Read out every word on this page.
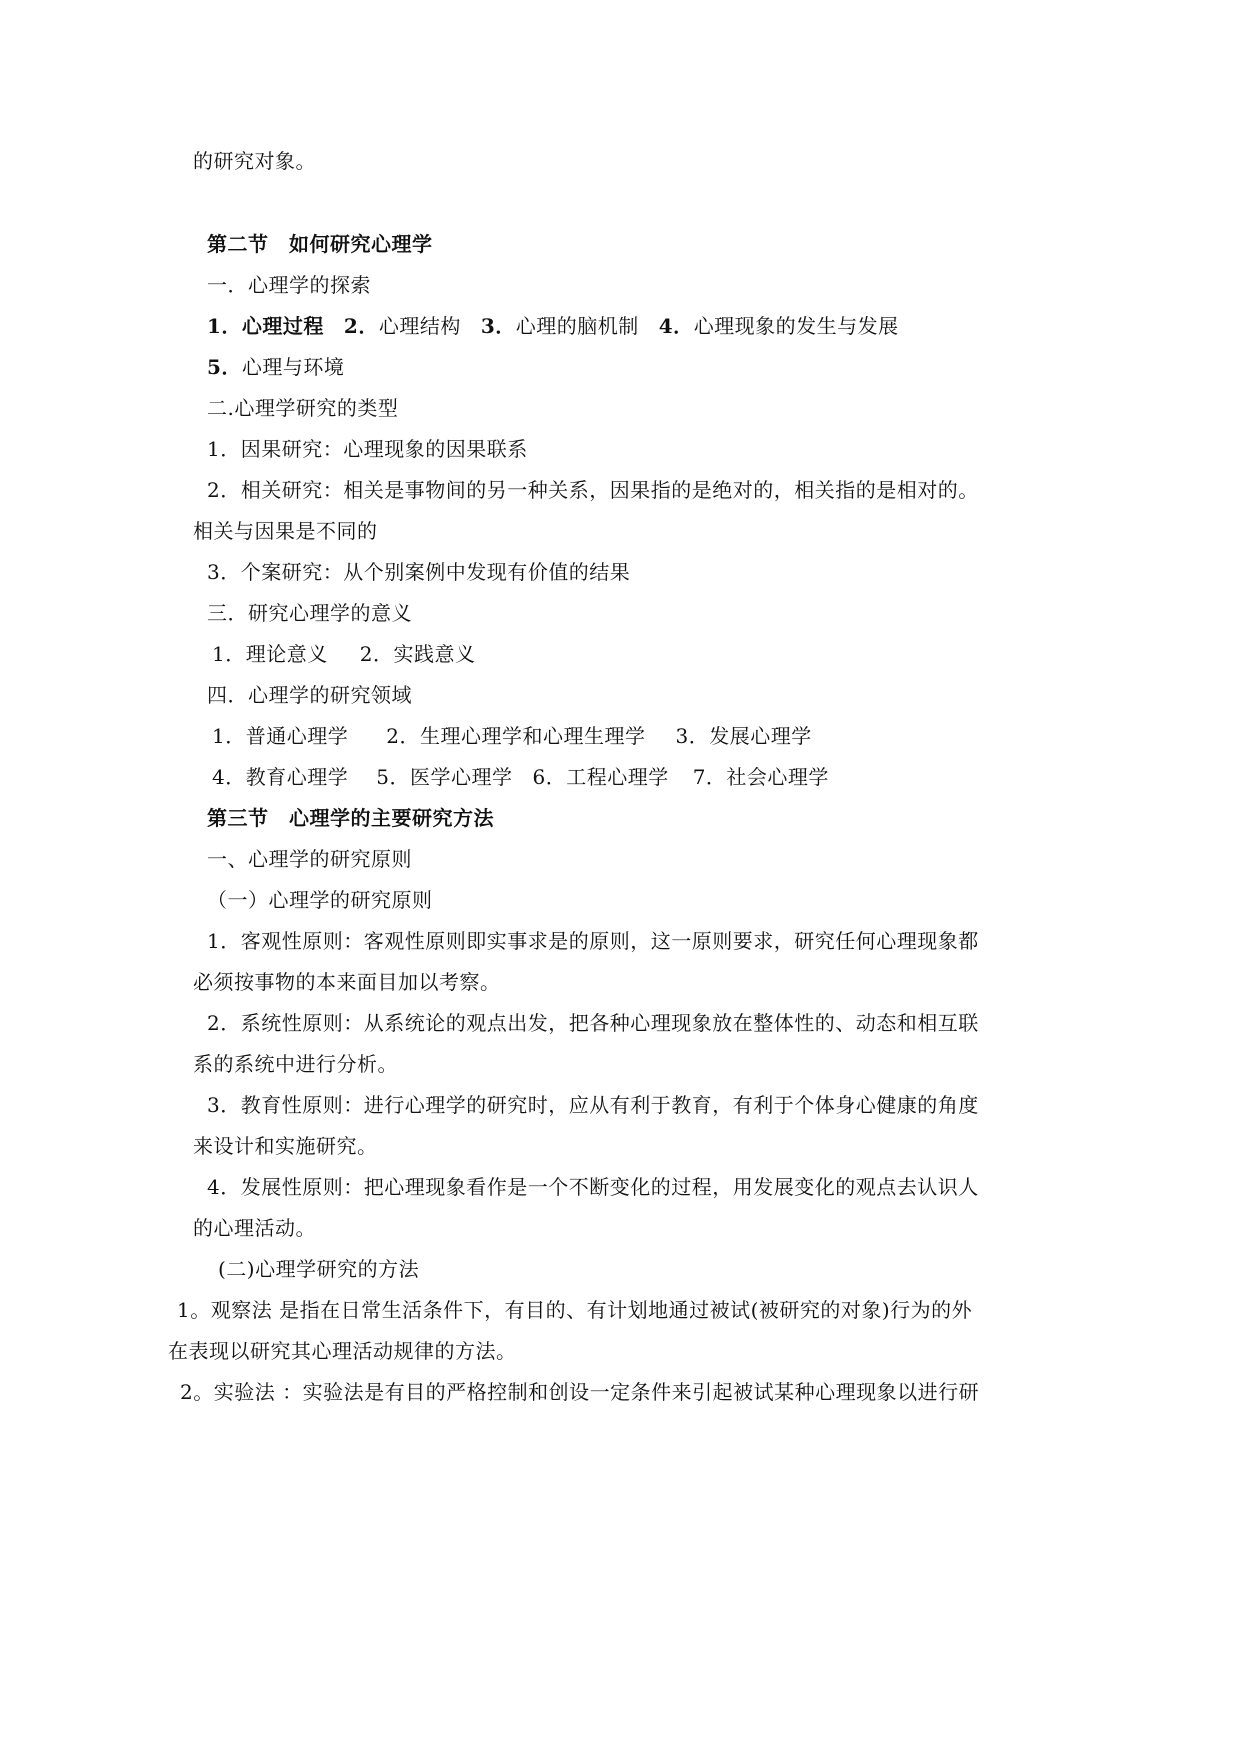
的研究对象。
第二节　如何研究心理学
一．心理学的探索
1．心理过程 2．心理结构 3．心理的脑机制 4．心理现象的发生与发展
5．心理与环境
二.心理学研究的类型
1．因果研究：心理现象的因果联系
2．相关研究：相关是事物间的另一种关系，因果指的是绝对的，相关指的是相对的。
相关与因果是不同的
3．个案研究：从个别案例中发现有价值的结果
三．研究心理学的意义
1．理论意义 2．实践意义
四．心理学的研究领域
1．普通心理学 2．生理心理学和心理生理学 3．发展心理学
4．教育心理学 5．医学心理学 6．工程心理学 7．社会心理学
第三节　心理学的主要研究方法
一、心理学的研究原则
（一）心理学的研究原则
1．客观性原则：客观性原则即实事求是的原则，这一原则要求，研究任何心理现象都
必须按事物的本来面目加以考察。
2．系统性原则：从系统论的观点出发，把各种心理现象放在整体性的、动态和相互联
系的系统中进行分析。
3．教育性原则：进行心理学的研究时，应从有利于教育，有利于个体身心健康的角度
来设计和实施研究。
4．发展性原则：把心理现象看作是一个不断变化的过程，用发展变化的观点去认识人
的心理活动。
(二)心理学研究的方法
1。观察法 是指在日常生活条件下，有目的、有计划地通过被试(被研究的对象)行为的外
在表现以研究其心理活动规律的方法。
2。实验法 ：实验法是有目的严格控制和创设一定条件来引起被试某种心理现象以进行研
